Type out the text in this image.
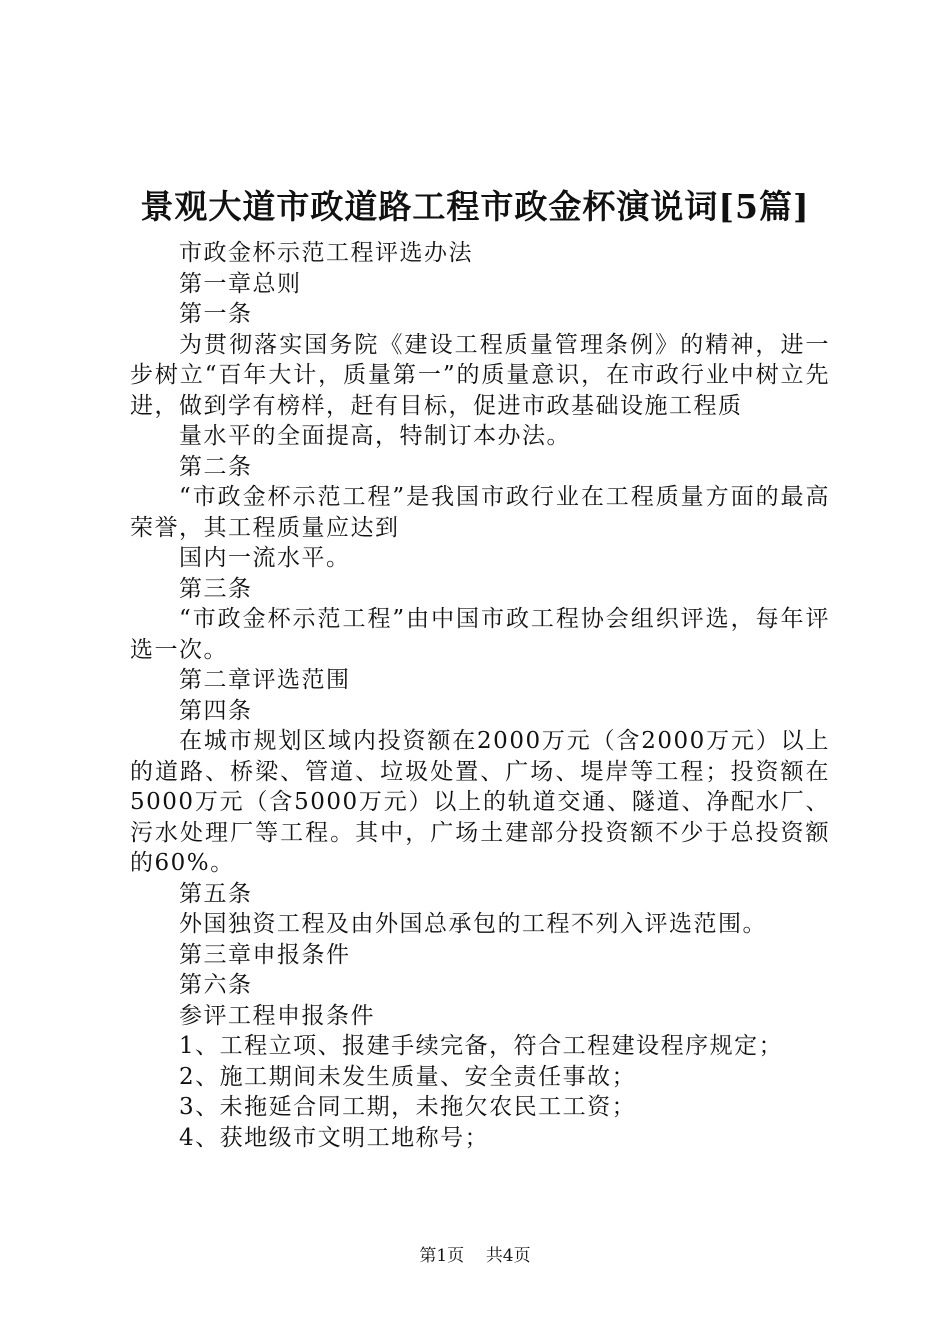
景观大道市政道路工程市政金杯演说词[5篇]

市政金杯示范工程评选办法

第一章总则

第一条

为贯彻落实国务院《建设工程质量管理条例》的精神，进一步树立“百年大计，质量第一”的质量意识，在市政行业中树立先进，做到学有榜样，赶有目标，促进市政基础设施工程质

量水平的全面提高，特制订本办法。

第二条

“市政金杯示范工程”是我国市政行业在工程质量方面的最高荣誉，其工程质量应达到

国内一流水平。

第三条

“市政金杯示范工程”由中国市政工程协会组织评选，每年评选一次。

第二章评选范围

第四条

在城市规划区域内投资额在2000万元（含2000万元）以上的道路、桥梁、管道、垃圾处置、广场、堤岸等工程；投资额在5000万元（含5000万元）以上的轨道交通、隧道、净配水厂、污水处理厂等工程。其中，广场土建部分投资额不少于总投资额的60%。

第五条

外国独资工程及由外国总承包的工程不列入评选范围。

第三章申报条件

第六条

参评工程申报条件

1、工程立项、报建手续完备，符合工程建设程序规定；

2、施工期间未发生质量、安全责任事故；

3、未拖延合同工期，未拖欠农民工工资；

4、获地级市文明工地称号；

第1页 共4页
